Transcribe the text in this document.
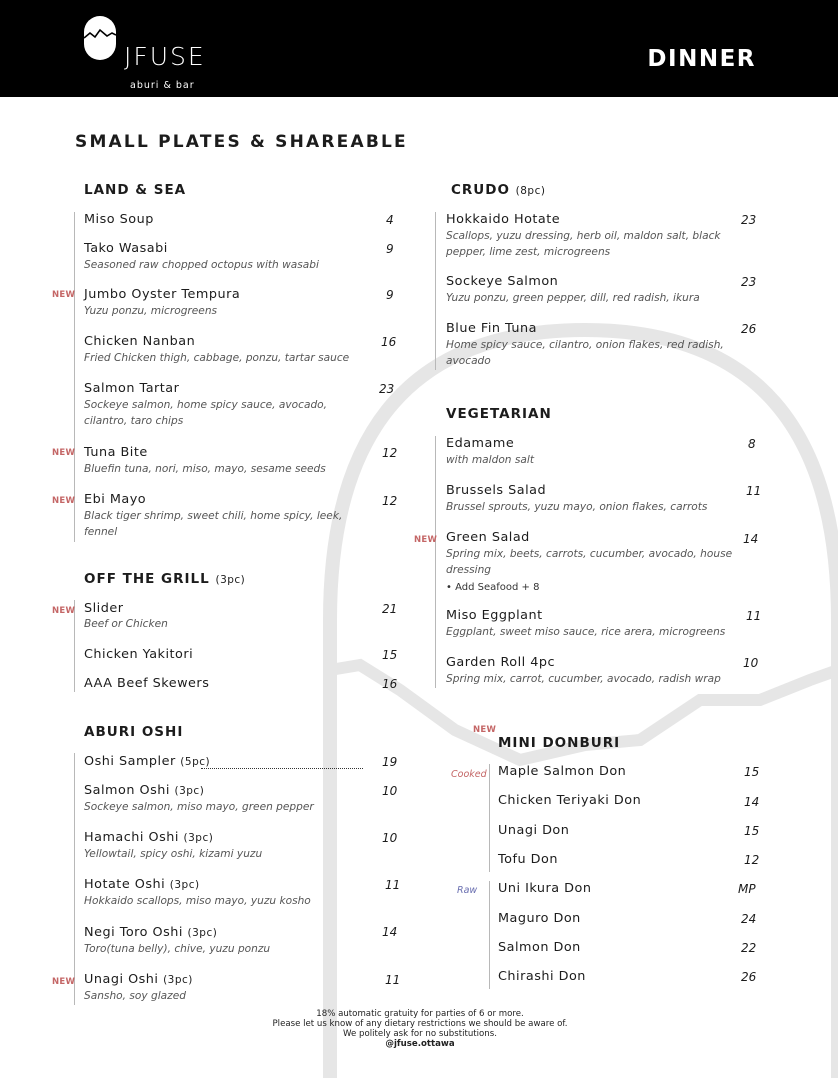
JFUSE
aburi & bar
DINNER
SMALL PLATES & SHAREABLE
LAND & SEA
Miso Soup	4
Tako Wasabi
Seasoned raw chopped octopus with wasabi
9
NEW Jumbo Oyster Tempura
Yuzu ponzu, microgreens
9
Chicken Nanban
Fried Chicken thigh, cabbage, ponzu, tartar sauce
16
Salmon Tartar
Sockeye salmon, home spicy sauce, avocado,
cilantro, taro chips
23
NEW Tuna Bite
Bluefin tuna, nori, miso, mayo, sesame seeds
12
NEW Ebi Mayo
Black tiger shrimp, sweet chili, home spicy, leek,
fennel
12
OFF THE GRILL (3pc)
NEW Slider
Beef or Chicken
21
Chicken Yakitori	15
AAA Beef Skewers	16
ABURI OSHI
Oshi Sampler (5pc)	19
Salmon Oshi (3pc)
Sockeye salmon, miso mayo, green pepper
10
Hamachi Oshi (3pc)
Yellowtail, spicy oshi, kizami yuzu
10
Hotate Oshi (3pc)
Hokkaido scallops, miso mayo, yuzu kosho
11
Negi Toro Oshi (3pc)
Toro(tuna belly), chive, yuzu ponzu
14
NEW Unagi Oshi (3pc)
Sansho, soy glazed
11
CRUDO (8pc)
Hokkaido Hotate
Scallops, yuzu dressing, herb oil, maldon salt, black
pepper, lime zest, microgreens
23
Sockeye Salmon
Yuzu ponzu, green pepper, dill, red radish, ikura
23
Blue Fin Tuna
Home spicy sauce, cilantro, onion flakes, red radish,
avocado
26
VEGETARIAN
Edamame
with maldon salt
8
Brussels Salad
Brussel sprouts, yuzu mayo, onion flakes, carrots
11
NEW Green Salad
Spring mix, beets, carrots, cucumber, avocado, house
dressing
• Add Seafood + 8
14
Miso Eggplant
Eggplant, sweet miso sauce, rice arera, microgreens
11
Garden Roll 4pc
Spring mix, carrot, cucumber, avocado, radish wrap
10
NEW
MINI DONBURI
Cooked
Raw
Maple Salmon Don	15
Chicken Teriyaki Don	14
Unagi Don	15
Tofu Don	12
Uni Ikura Don	MP
Maguro Don	24
Salmon Don	22
Chirashi Don	26
18% automatic gratuity for parties of 6 or more.
Please let us know of any dietary restrictions we should be aware of.
We politely ask for no substitutions.
@jfuse.ottawa
